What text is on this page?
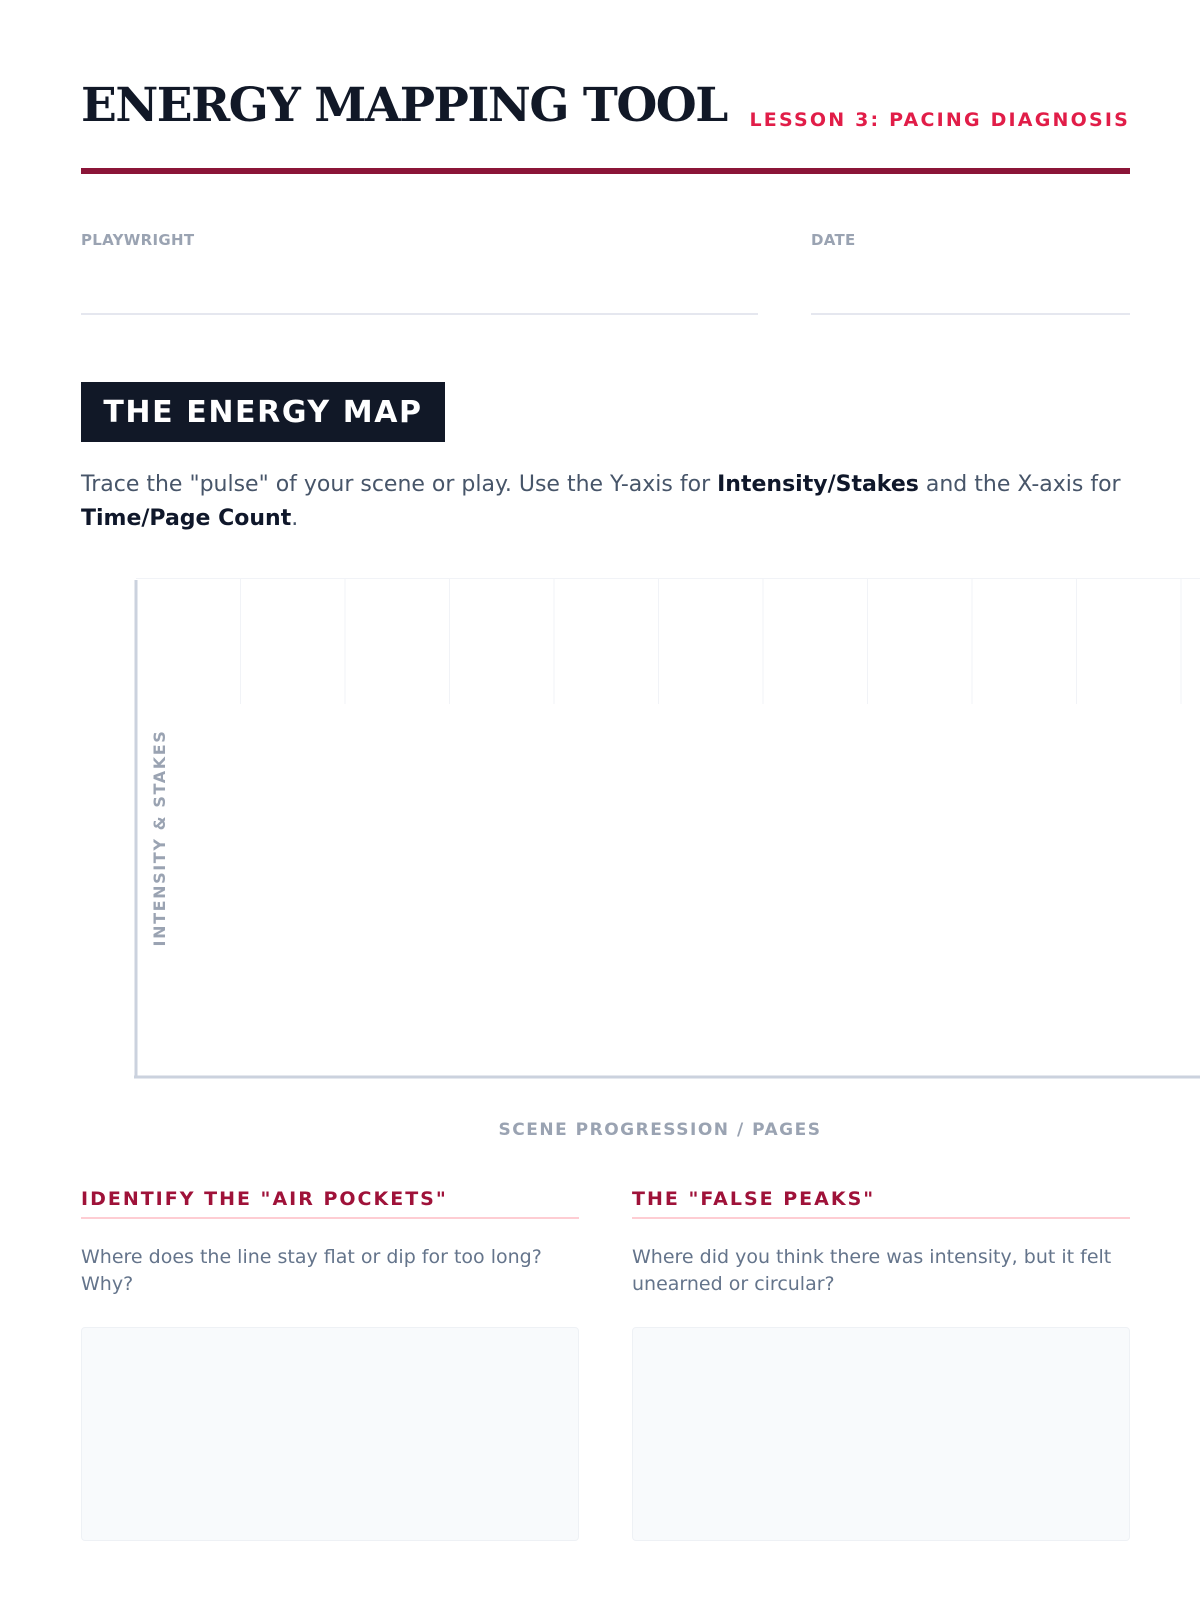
ENERGY MAPPING TOOL LESSON 3: PACING DIAGNOSIS
PLAYWRIGHT	DATE
THE ENERGY MAP

Trace the "pulse" of your scene or play. Use the Y-axis for Intensity/Stakes and the X-axis for Time/Page Count.

INTENSITY & STAKES
SCENE PROGRESSION / PAGES
IDENTIFY THE "AIR POCKETS"

Where does the line stay flat or dip for too long? Why?

THE "FALSE PEAKS"

Where did you think there was intensity, but it felt unearned or circular?
